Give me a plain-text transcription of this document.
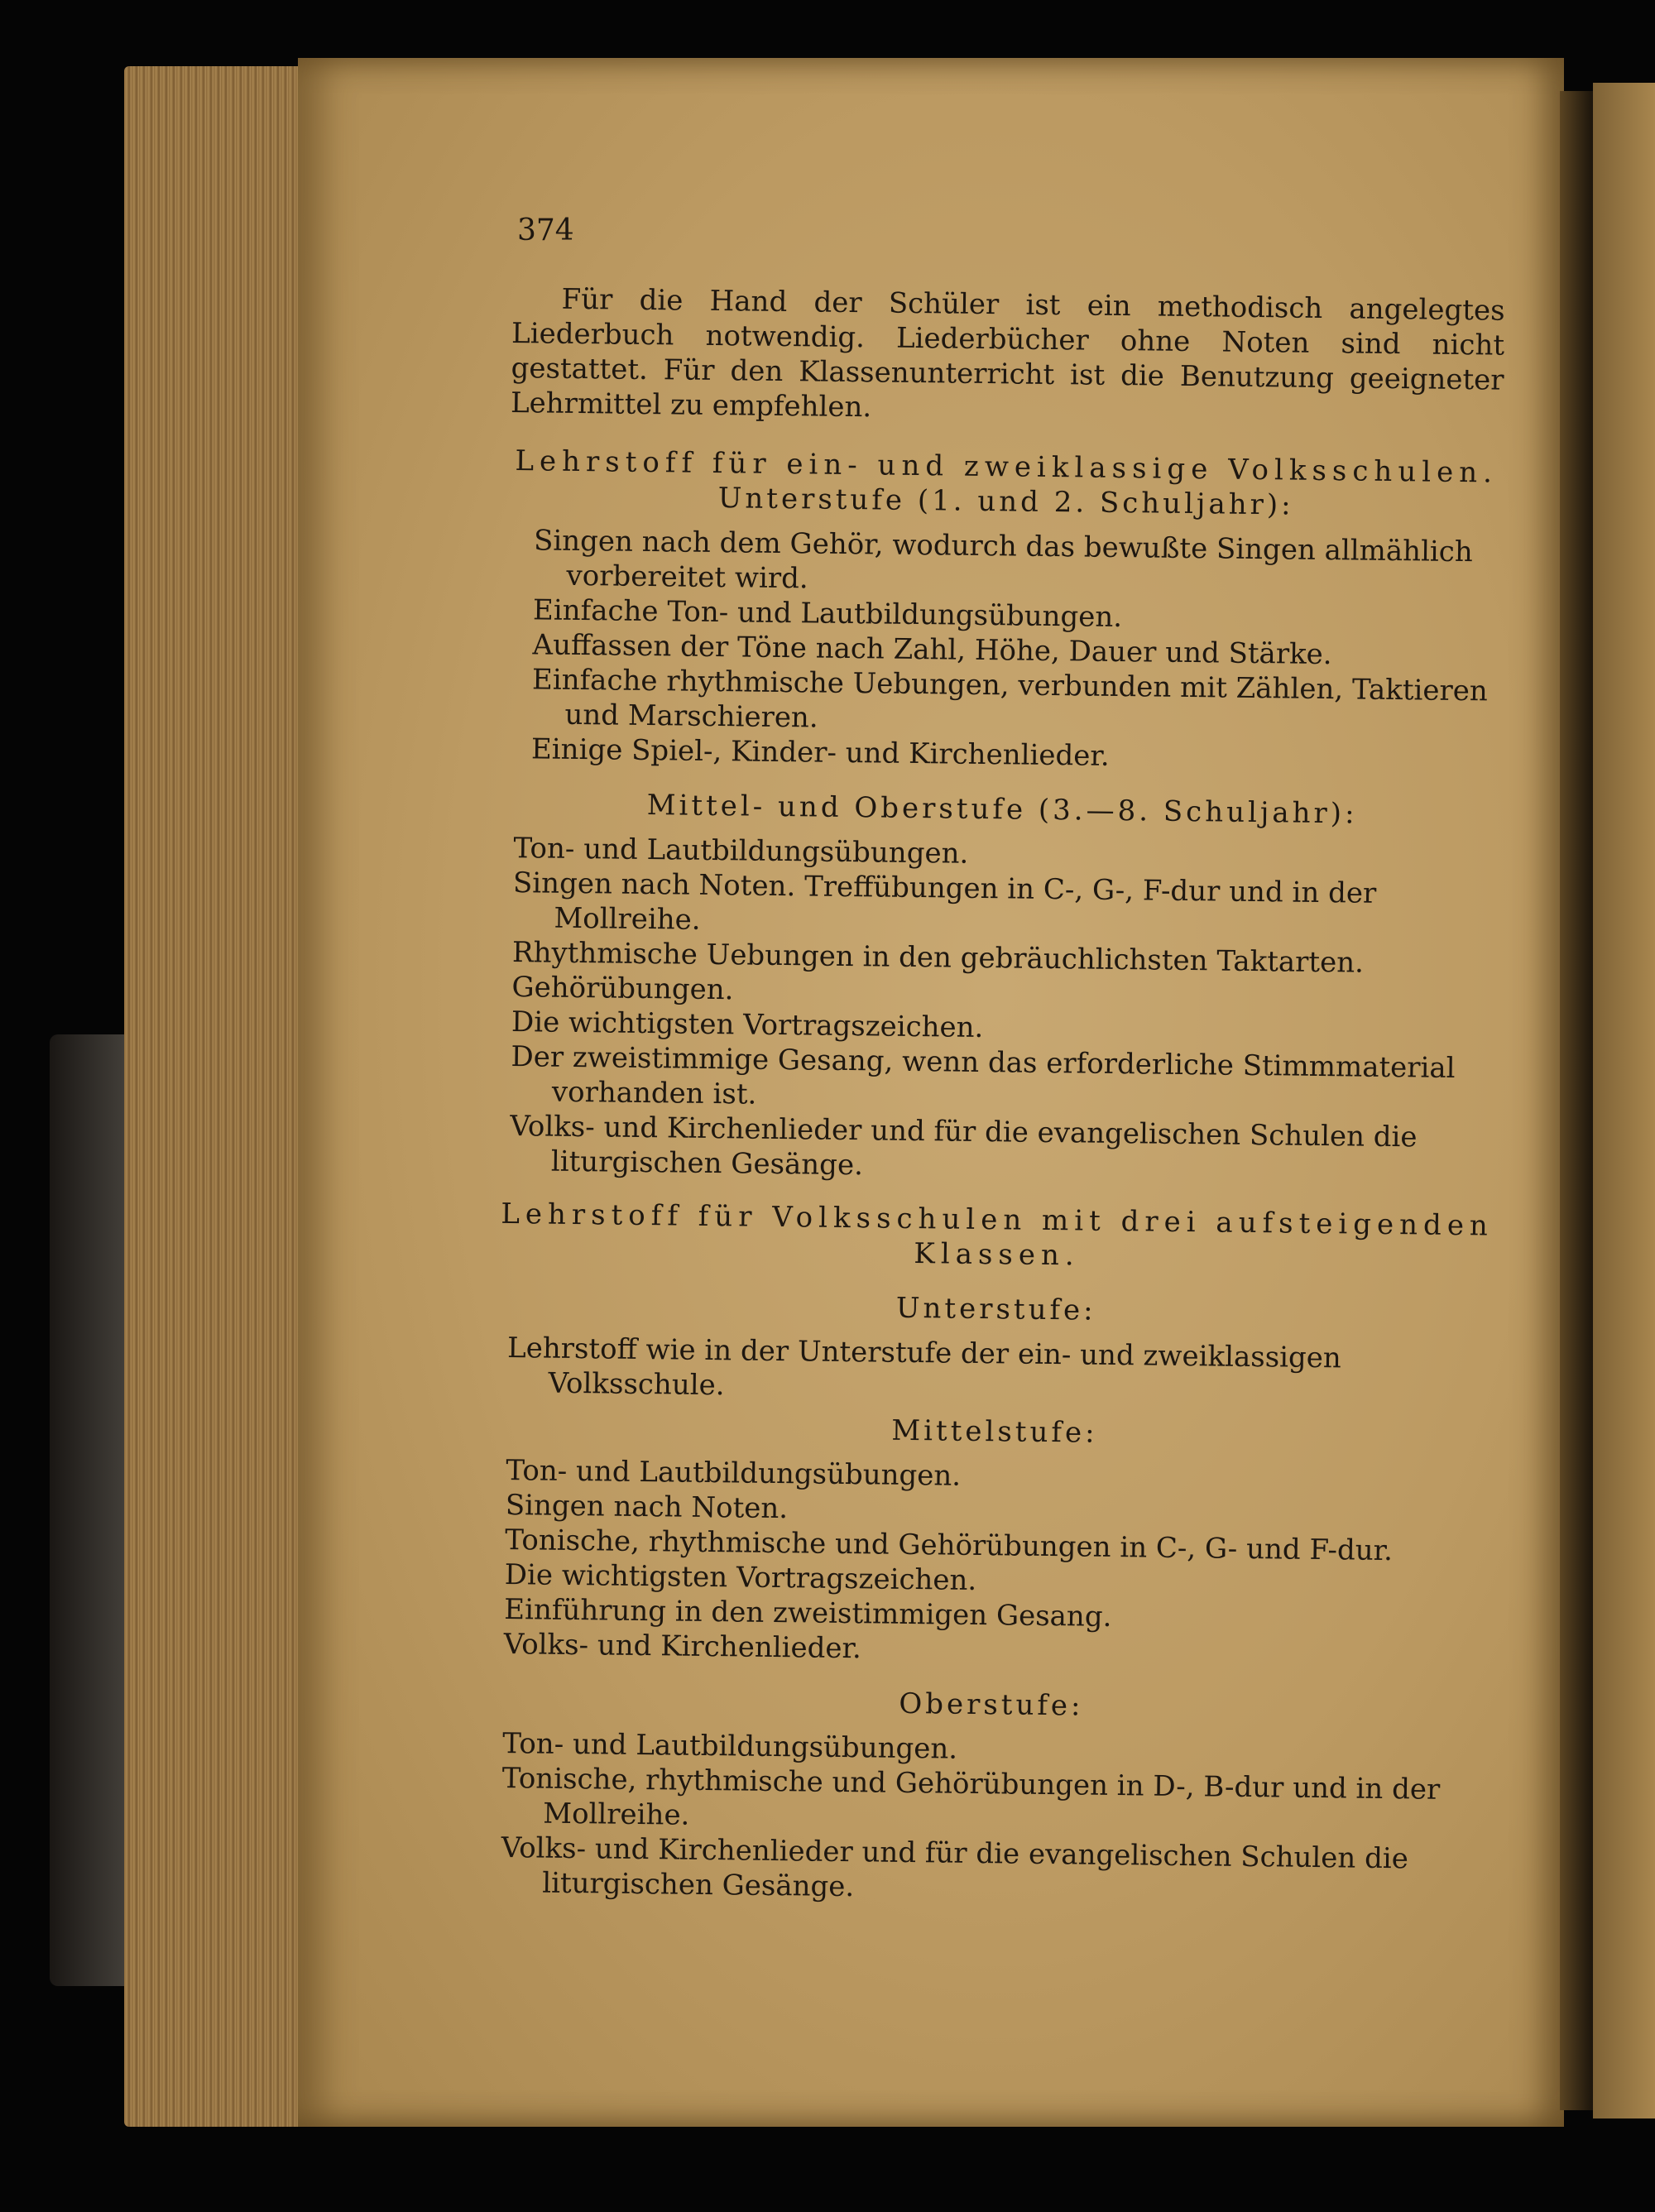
374

Für die Hand der Schüler ist ein methodisch angelegtes Liederbuch notwendig. Liederbücher ohne Noten sind nicht gestattet. Für den Klassenunterricht ist die Benutzung geeigneter Lehrmittel zu empfehlen.

Lehrstoff für ein- und zweiklassige Volksschulen.
Unterstufe (1. und 2. Schuljahr):

Singen nach dem Gehör, wodurch das bewußte Singen allmählich vorbereitet wird.

Einfache Ton- und Lautbildungsübungen.

Auffassen der Töne nach Zahl, Höhe, Dauer und Stärke.

Einfache rhythmische Uebungen, verbunden mit Zählen, Taktieren und Marschieren.

Einige Spiel-, Kinder- und Kirchenlieder.

Mittel- und Oberstufe (3.—8. Schuljahr):

Ton- und Lautbildungsübungen.

Singen nach Noten. Treffübungen in C-, G-, F-dur und in der Mollreihe.

Rhythmische Uebungen in den gebräuchlichsten Taktarten.

Gehörübungen.

Die wichtigsten Vortragszeichen.

Der zweistimmige Gesang, wenn das erforderliche Stimmmaterial vorhanden ist.

Volks- und Kirchenlieder und für die evangelischen Schulen die liturgischen Gesänge.

Lehrstoff für Volksschulen mit drei aufsteigenden Klassen.
Unterstufe:

Lehrstoff wie in der Unterstufe der ein- und zweiklassigen Volksschule.

Mittelstufe:

Ton- und Lautbildungsübungen.

Singen nach Noten.

Tonische, rhythmische und Gehörübungen in C-, G- und F-dur.

Die wichtigsten Vortragszeichen.

Einführung in den zweistimmigen Gesang.

Volks- und Kirchenlieder.

Oberstufe:

Ton- und Lautbildungsübungen.

Tonische, rhythmische und Gehörübungen in D-, B-dur und in der Mollreihe.

Volks- und Kirchenlieder und für die evangelischen Schulen die liturgischen Gesänge.
